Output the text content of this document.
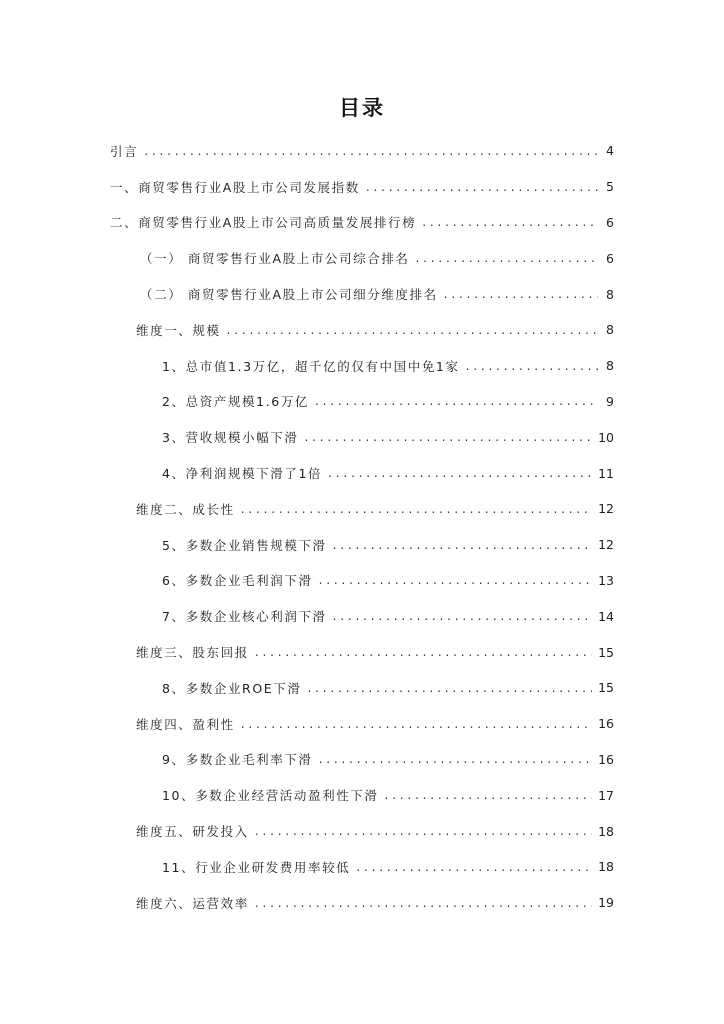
目录
引言 . . .	4
一、商贸零售行业A股上市公司发展指数 . . .	5
二、商贸零售行业A股上市公司高质量发展排行榜 . . .	6
（一） 商贸零售行业A股上市公司综合排名 . . .	6
（二） 商贸零售行业A股上市公司细分维度排名 . . .	8
维度一、规模 . . .	8
1、总市值1.3万亿，超千亿的仅有中国中免1家 . . .	8
2、总资产规模1.6万亿 . . .	9
3、营收规模小幅下滑 . . .	10
4、净利润规模下滑了1倍 . . .	11
维度二、成长性 . . .	12
5、多数企业销售规模下滑 . . .	12
6、多数企业毛利润下滑 . . .	13
7、多数企业核心利润下滑 . . .	14
维度三、股东回报 . . .	15
8、多数企业ROE下滑 . . .	15
维度四、盈利性 . . .	16
9、多数企业毛利率下滑 . . .	16
10、多数企业经营活动盈利性下滑 . . .	17
维度五、研发投入 . . .	18
11、行业企业研发费用率较低 . . .	18
维度六、运营效率 . . .	19
